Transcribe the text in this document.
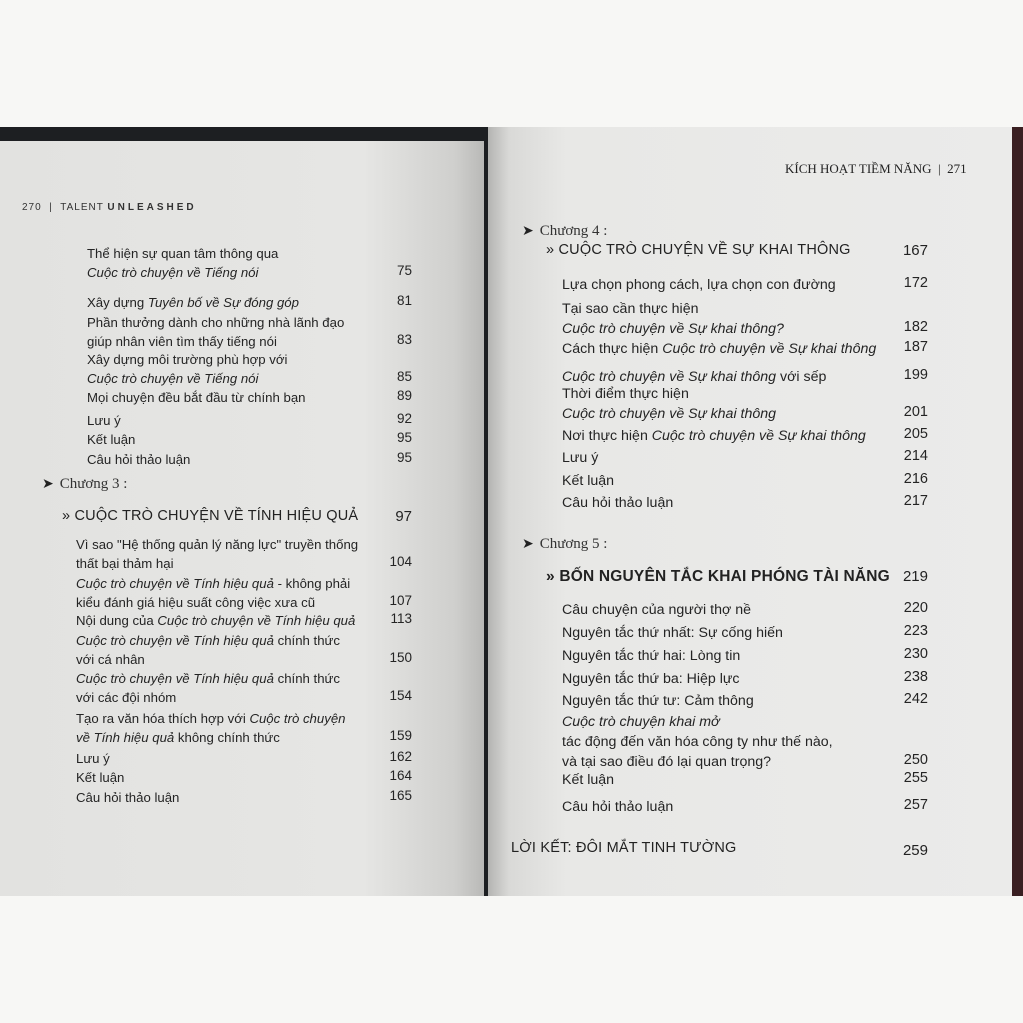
270  |  TALENT UNLEASHED
Thể hiện sự quan tâm thông qua
Cuộc trò chuyện về Tiếng nói	75
Xây dựng Tuyên bố về Sự đóng góp	81
Phần thưởng dành cho những nhà lãnh đạo
giúp nhân viên tìm thấy tiếng nói	83
Xây dựng môi trường phù hợp với
Cuộc trò chuyện về Tiếng nói	85
Mọi chuyện đều bắt đầu từ chính bạn	89
Lưu ý	92
Kết luận	95
Câu hỏi thảo luận	95
➤ Chương 3 :
» CUỘC TRÒ CHUYỆN VỀ TÍNH HIỆU QUẢ	97
Vì sao "Hệ thống quản lý năng lực" truyền thống
thất bại thảm hại	104
Cuộc trò chuyện về Tính hiệu quả - không phải
kiểu đánh giá hiệu suất công việc xưa cũ	107
Nội dung của Cuộc trò chuyện về Tính hiệu quả	113
Cuộc trò chuyện về Tính hiệu quả chính thức
với cá nhân	150
Cuộc trò chuyện về Tính hiệu quả chính thức
với các đội nhóm	154
Tạo ra văn hóa thích hợp với Cuộc trò chuyện
về Tính hiệu quả không chính thức	159
Lưu ý	162
Kết luận	164
Câu hỏi thảo luận	165
KÍCH HOẠT TIỀM NĂNG  |  271
➤ Chương 4 :
» CUỘC TRÒ CHUYỆN VỀ SỰ KHAI THÔNG	167
Lựa chọn phong cách, lựa chọn con đường	172
Tại sao cần thực hiện
Cuộc trò chuyện về Sự khai thông?	182
Cách thực hiện Cuộc trò chuyện về Sự khai thông	187
Cuộc trò chuyện về Sự khai thông với sếp	199
Thời điểm thực hiện
Cuộc trò chuyện về Sự khai thông	201
Nơi thực hiện Cuộc trò chuyện về Sự khai thông	205
Lưu ý	214
Kết luận	216
Câu hỏi thảo luận	217
➤ Chương 5 :
» BỐN NGUYÊN TẮC KHAI PHÓNG TÀI NĂNG 219
Câu chuyện của người thợ nề	220
Nguyên tắc thứ nhất: Sự cống hiến	223
Nguyên tắc thứ hai: Lòng tin	230
Nguyên tắc thứ ba: Hiệp lực	238
Nguyên tắc thứ tư: Cảm thông	242
Cuộc trò chuyện khai mở
tác động đến văn hóa công ty như thế nào,
và tại sao điều đó lại quan trọng?	250
Kết luận	255
Câu hỏi thảo luận	257
LỜI KẾT: ĐÔI MẮT TINH TƯỜNG	259
